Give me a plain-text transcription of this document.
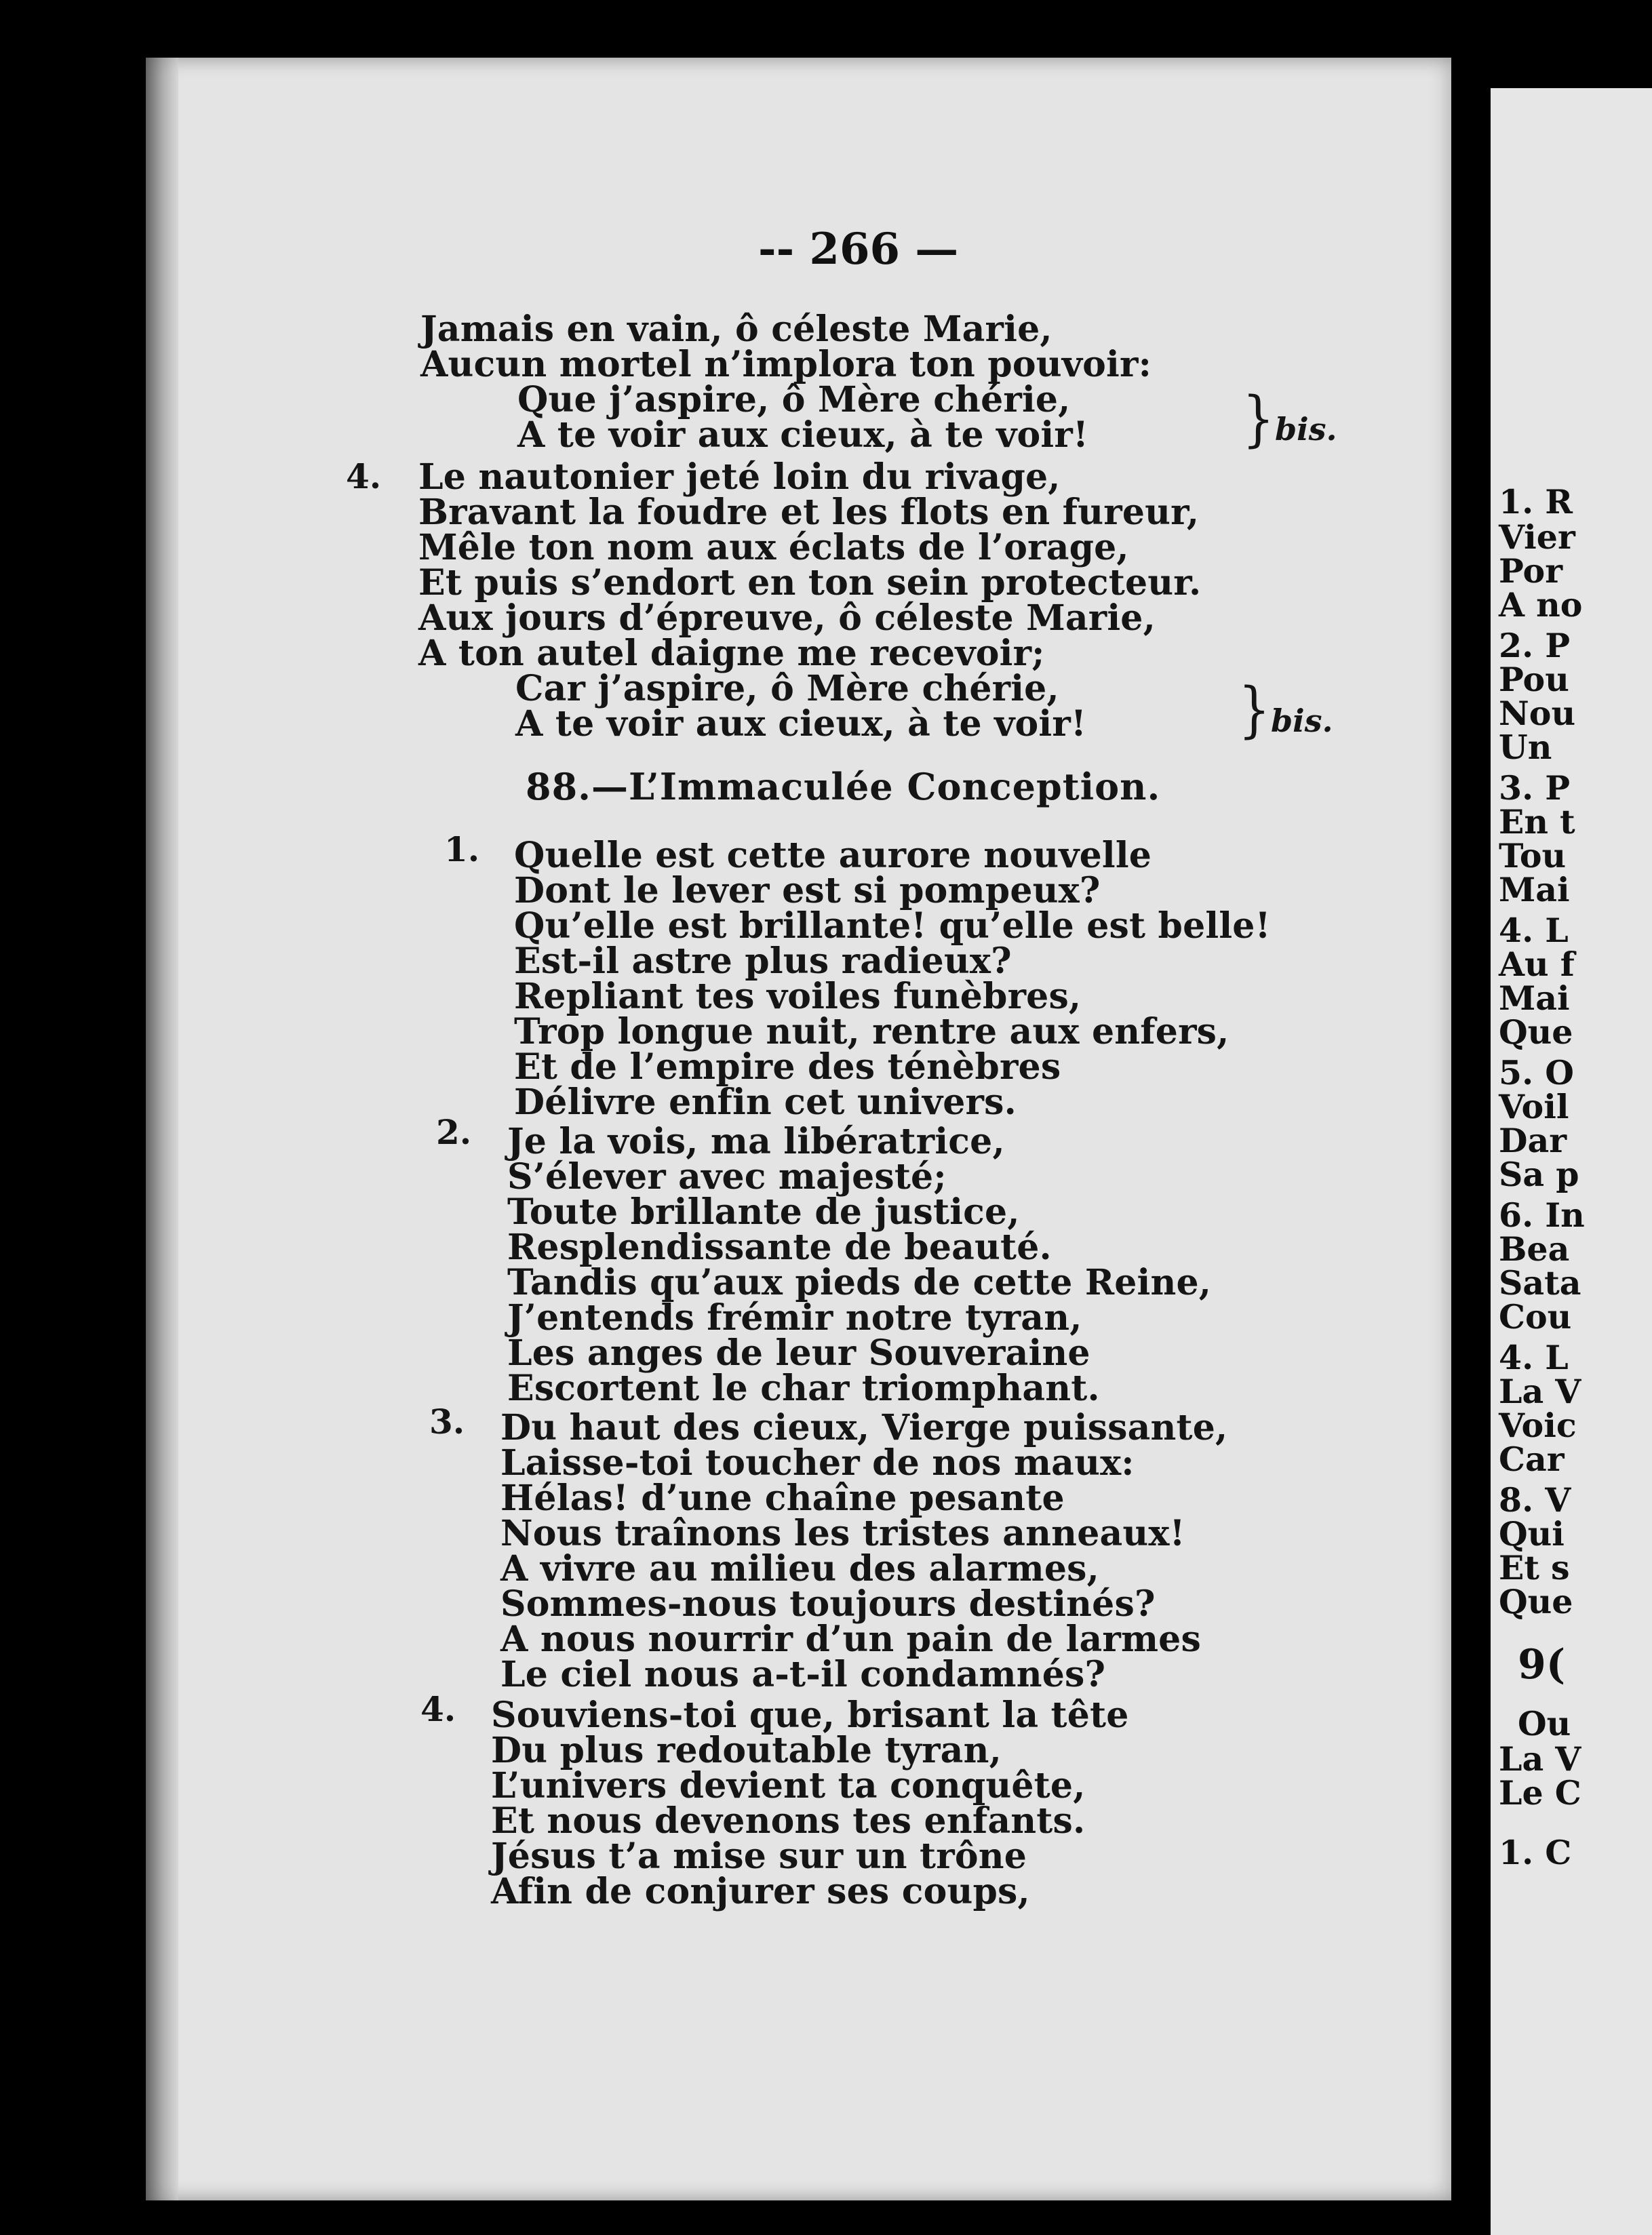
1. R
Vier
Por
A no
2. P
Pou
Nou
Un
3. P
En t
Tou
Mai
4. L
Au f
Mai
Que
5. O
Voil
Dar
Sa p
6. In
Bea
Sata
Cou
4. L
La V
Voic
Car
8. V
Qui
Et s
Que
9(
Ou
La V
Le C
1. C
-- 266 —
Jamais en vain, ô céleste Marie,
Aucun mortel n’implora ton pouvoir:
Que j’aspire, ô Mère chérie,
A te voir aux cieux, à te voir!	} bis.
4. Le nautonier jeté loin du rivage,
Bravant la foudre et les flots en fureur,
Mêle ton nom aux éclats de l’orage,
Et puis s’endort en ton sein protecteur.
Aux jours d’épreuve, ô céleste Marie,
A ton autel daigne me recevoir;
Car j’aspire, ô Mère chérie,
A te voir aux cieux, à te voir!	} bis.
88.—L’Immaculée Conception.
1. Quelle est cette aurore nouvelle
Dont le lever est si pompeux?
Qu’elle est brillante! qu’elle est belle!
Est-il astre plus radieux?
Repliant tes voiles funèbres,
Trop longue nuit, rentre aux enfers,
Et de l’empire des ténèbres
Délivre enfin cet univers.
2. Je la vois, ma libératrice,
S’élever avec majesté;
Toute brillante de justice,
Resplendissante de beauté.
Tandis qu’aux pieds de cette Reine,
J’entends frémir notre tyran,
Les anges de leur Souveraine
Escortent le char triomphant.
3. Du haut des cieux, Vierge puissante,
Laisse-toi toucher de nos maux:
Hélas! d’une chaîne pesante
Nous traînons les tristes anneaux!
A vivre au milieu des alarmes,
Sommes-nous toujours destinés?
A nous nourrir d’un pain de larmes
Le ciel nous a-t-il condamnés?
4. Souviens-toi que, brisant la tête
Du plus redoutable tyran,
L’univers devient ta conquête,
Et nous devenons tes enfants.
Jésus t’a mise sur un trône
Afin de conjurer ses coups,
